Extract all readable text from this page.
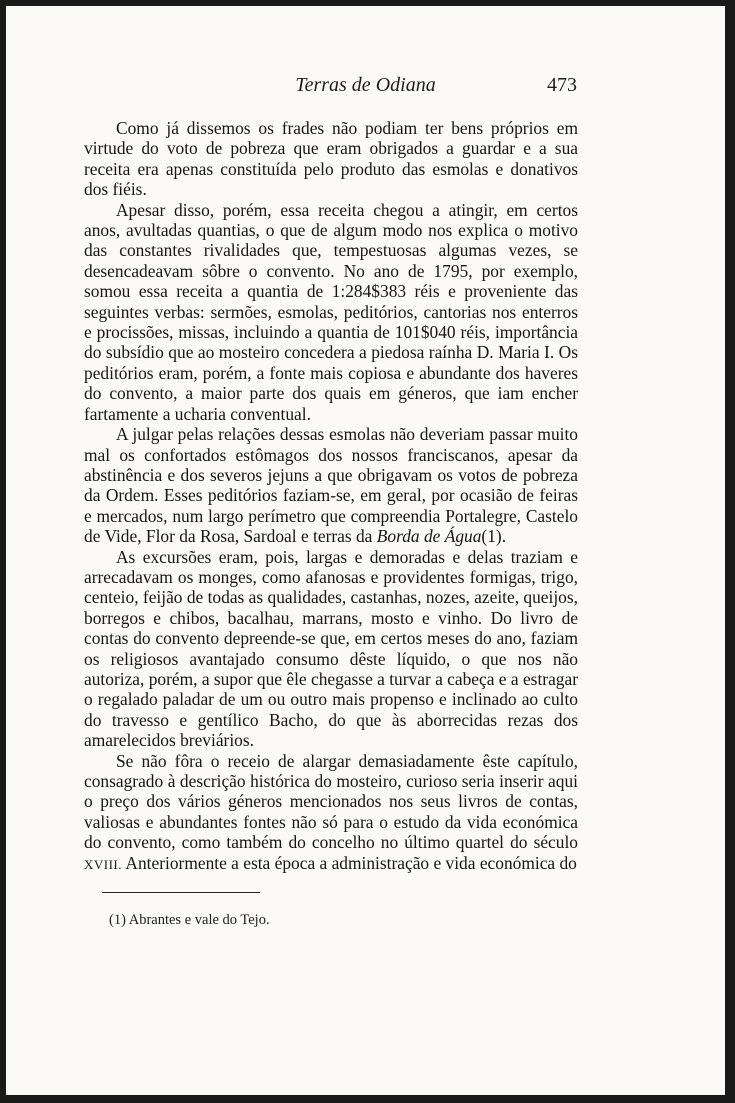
Terras de Odiana	473

Como já dissemos os frades não podiam ter bens próprios em virtude do voto de pobreza que eram obrigados a guardar e a sua receita era apenas constituída pelo produto das esmolas e donativos dos fiéis.

Apesar disso, porém, essa receita chegou a atingir, em certos anos, avultadas quantias, o que de algum modo nos explica o motivo das constantes rivalidades que, tempestuosas algumas vezes, se desencadeavam sôbre o convento. No ano de 1795, por exemplo, somou essa receita a quantia de 1:284$383 réis e proveniente das seguintes verbas: sermões, esmolas, peditórios, cantorias nos enterros e procissões, missas, incluindo a quantia de 101$040 réis, importância do subsídio que ao mosteiro concedera a piedosa raínha D. Maria I. Os peditórios eram, porém, a fonte mais copiosa e abundante dos haveres do convento, a maior parte dos quais em géneros, que iam encher fartamente a ucharia conventual.

A julgar pelas relações dessas esmolas não deveriam passar muito mal os confortados estômagos dos nossos franciscanos, apesar da abstinência e dos severos jejuns a que obrigavam os votos de pobreza da Ordem. Esses peditórios faziam-se, em geral, por ocasião de feiras e mercados, num largo perímetro que compreendia Portalegre, Castelo de Vide, Flor da Rosa, Sardoal e terras da Borda de Água(1).

As excursões eram, pois, largas e demoradas e delas traziam e arrecadavam os monges, como afanosas e providentes formigas, trigo, centeio, feijão de todas as qualidades, castanhas, nozes, azeite, queijos, borregos e chibos, bacalhau, marrans, mosto e vinho. Do livro de contas do convento depreende-se que, em certos meses do ano, faziam os religiosos avantajado consumo dêste líquido, o que nos não autoriza, porém, a supor que êle chegasse a turvar a cabeça e a estragar o regalado paladar de um ou outro mais propenso e inclinado ao culto do travesso e gentílico Bacho, do que às aborrecidas rezas dos amarelecidos breviários.

Se não fôra o receio de alargar demasiadamente êste capítulo, consagrado à descrição histórica do mosteiro, curioso seria inserir aqui o preço dos vários géneros mencionados nos seus livros de contas, valiosas e abundantes fontes não só para o estudo da vida económica do convento, como também do concelho no último quartel do século XVIII. Anteriormente a esta época a administração e vida económica do

(1) Abrantes e vale do Tejo.
